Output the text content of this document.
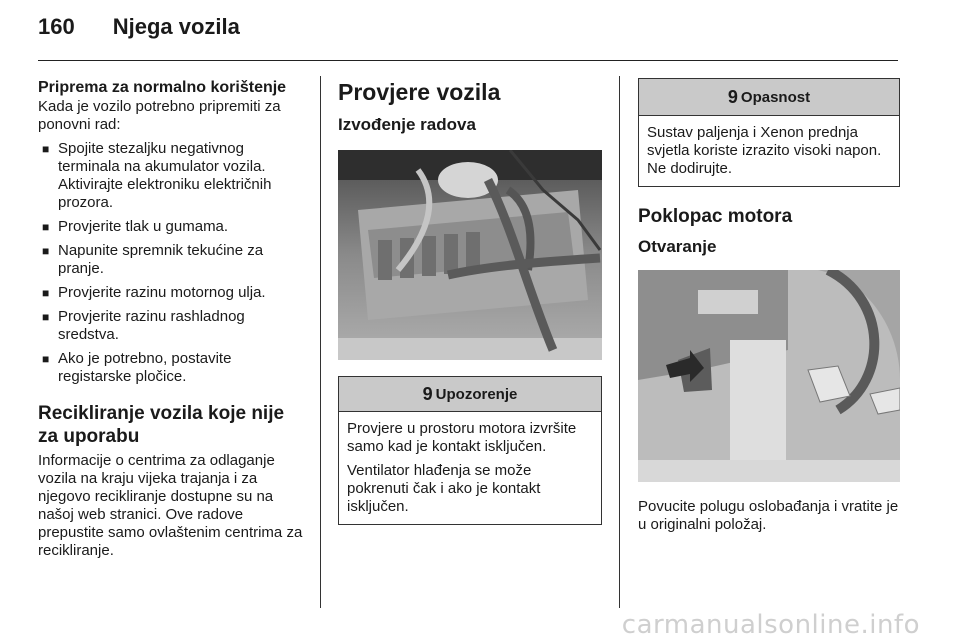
160 Njega vozila
Priprema za normalno korištenje

Kada je vozilo potrebno pripremiti za ponovni rad:

■ Spojite stezaljku negativnog terminala na akumulator vozila. Aktivirajte elektroniku električnih prozora.
■ Provjerite tlak u gumama.
■ Napunite spremnik tekućine za pranje.
■ Provjerite razinu motornog ulja.
■ Provjerite razinu rashladnog sredstva.
■ Ako je potrebno, postavite registarske pločice.
Recikliranje vozila koje nije za uporabu

Informacije o centrima za odlaganje vozila na kraju vijeka trajanja i za njegovo recikliranje dostupne su na našoj web stranici. Ove radove prepustite samo ovlaštenim centrima za recikliranje.

Provjere vozila
Izvođenje radova
9 Upozorenje

Provjere u prostoru motora izvršite samo kad je kontakt isključen.

Ventilator hlađenja se može pokrenuti čak i ako je kontakt isključen.

9 Opasnost

Sustav paljenja i Xenon prednja svjetla koriste izrazito visoki napon. Ne dodirujte.

Poklopac motora
Otvaranje

Povucite polugu oslobađanja i vratite je u originalni položaj.

carmanualsonline.info
